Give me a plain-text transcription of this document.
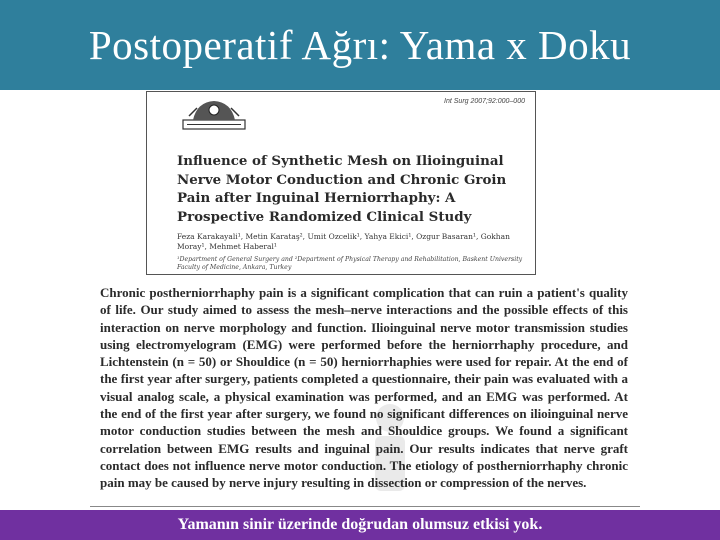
Postoperatif Ağrı: Yama x Doku
Int Surg 2007;92:000–000
Influence of Synthetic Mesh on Ilioinguinal Nerve Motor Conduction and Chronic Groin Pain after Inguinal Herniorrhaphy: A Prospective Randomized Clinical Study

Feza Karakayali¹, Metin Karataş², Umit Ozcelik¹, Yahya Ekici¹, Ozgur Basaran¹, Gokhan Moray¹, Mehmet Haberal¹

¹Department of General Surgery and ²Department of Physical Therapy and Rehabilitation, Baskent University Faculty of Medicine, Ankara, Turkey

Chronic postherniorrhaphy pain is a significant complication that can ruin a patient's quality of life. Our study aimed to assess the mesh–nerve interactions and the possible effects of this interaction on nerve morphology and function. Ilioinguinal nerve motor transmission studies using electromyelogram (EMG) were performed before the herniorrhaphy procedure, and Lichtenstein (n = 50) or Shouldice (n = 50) herniorrhaphies were used for repair. At the end of the first year after surgery, patients completed a questionnaire, their pain was evaluated with a visual analog scale, a physical examination was performed, and an EMG was performed. At the end of the first year after surgery, we found no significant differences on ilioinguinal nerve motor conduction studies between the mesh and Shouldice groups. We found a significant correlation between EMG results and inguinal pain. Our results indicates that nerve graft contact does not influence nerve motor conduction. The etiology of postherniorrhaphy chronic pain may be caused by nerve injury resulting in dissection or compression of the nerves.

Yamanın sinir üzerinde doğrudan olumsuz etkisi yok.
